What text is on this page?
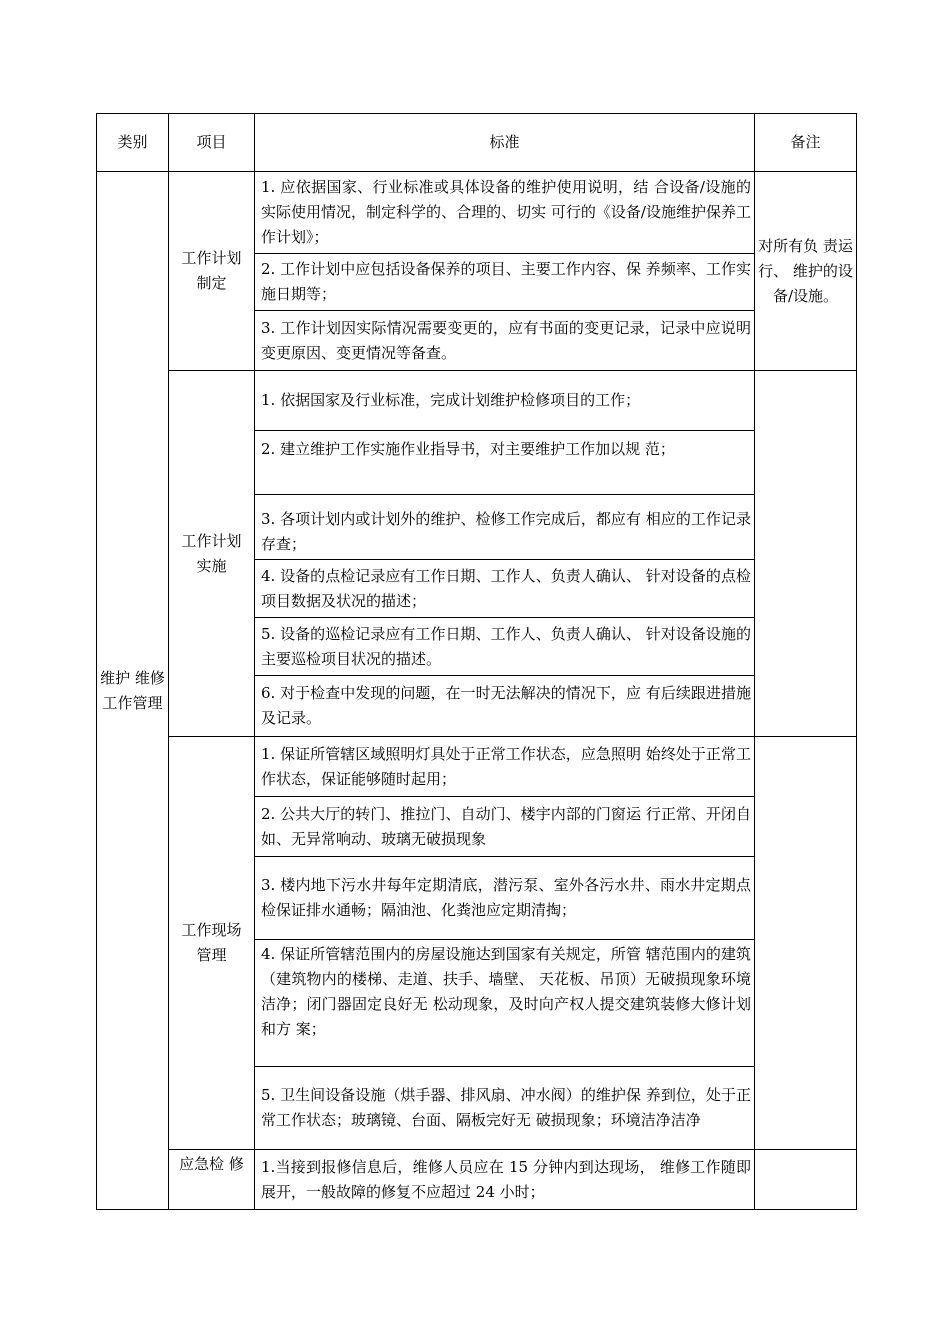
类别	项目	标准	备注
维护 维修 工作管理	工作计划制定	1. 应依据国家、行业标准或具体设备的维护使用说明，结 合设备/设施的实际使用情况，制定科学的、合理的、切实 可行的《设备/设施维护保养工作计划》；	对所有负 责运行、 维护的设 备/设施。

		2. 工作计划中应包括设备保养的项目、主要工作内容、保 养频率、工作实施日期等；	

		3. 工作计划因实际情况需要变更的，应有书面的变更记录，记录中应说明变更原因、变更情况等备查。	

	工作计划实施	1. 依据国家及行业标准，完成计划维护检修项目的工作；	

		2. 建立维护工作实施作业指导书，对主要维护工作加以规 范；	

		3. 各项计划内或计划外的维护、检修工作完成后，都应有 相应的工作记录存查；	

		4. 设备的点检记录应有工作日期、工作人、负责人确认、 针对设备的点检项目数据及状况的描述；	

		5. 设备的巡检记录应有工作日期、工作人、负责人确认、 针对设备设施的主要巡检项目状况的描述。	

		6. 对于检查中发现的问题，在一时无法解决的情况下，应 有后续跟进措施及记录。	

	工作现场管理	1. 保证所管辖区域照明灯具处于正常工作状态，应急照明 始终处于正常工作状态，保证能够随时起用；	

		2. 公共大厅的转门、推拉门、自动门、楼宇内部的门窗运 行正常、开闭自如、无异常响动、玻璃无破损现象	

		3. 楼内地下污水井每年定期清底，潜污泵、室外各污水井、雨水井定期点检保证排水通畅；隔油池、化粪池应定期清掏；	

		4. 保证所管辖范围内的房屋设施达到国家有关规定，所管 辖范围内的建筑（建筑物内的楼梯、走道、扶手、墙壁、 天花板、吊顶）无破损现象环境洁净；闭门器固定良好无 松动现象，及时向产权人提交建筑装修大修计划和方 案；	

		5. 卫生间设备设施（烘手器、排风扇、冲水阀）的维护保 养到位，处于正常工作状态；玻璃镜、台面、隔板完好无 破损现象；环境洁净洁净	

	应急检 修	1.当接到报修信息后，维修人员应在 15 分钟内到达现场， 维修工作随即展开，一般故障的修复不应超过 24 小时；	
